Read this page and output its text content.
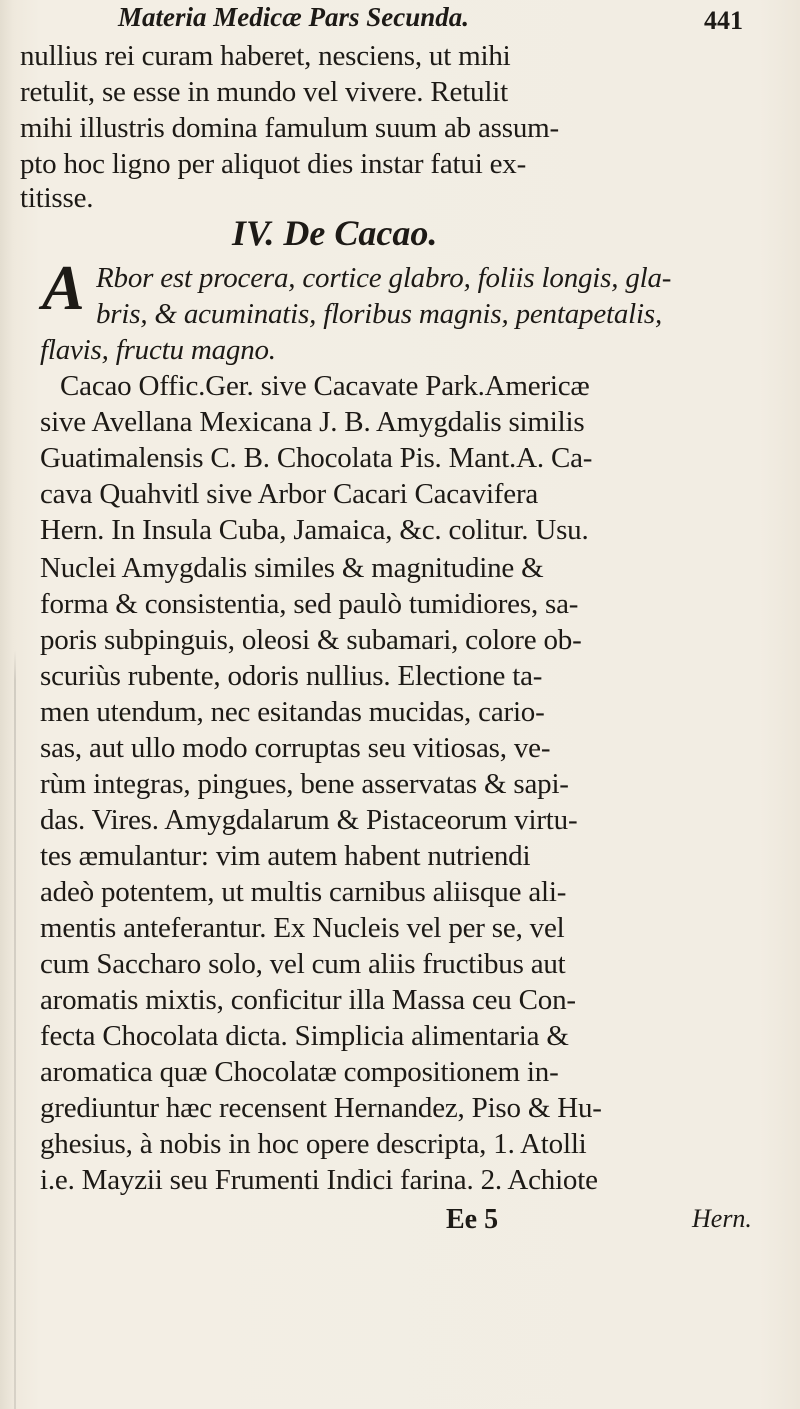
Materia Medicæ Pars Secunda.	441
nullius rei curam haberet, nesciens, ut mihi
retulit, se esse in mundo vel vivere. Retulit
mihi illustris domina famulum suum ab assum-
pto hoc ligno per aliquot dies instar fatui ex-
titisse.
IV. De Cacao.
A Rbor est procera, cortice glabro, foliis longis, gla-
bris, & acuminatis, floribus magnis, pentapetalis,
flavis, fructu magno.
Cacao Offic.Ger. sive Cacavate Park.Americæ
sive Avellana Mexicana J. B. Amygdalis similis
Guatimalensis C. B. Chocolata Pis. Mant.A. Ca-
cava Quahvitl sive Arbor Cacari Cacavifera
Hern. In Insula Cuba, Jamaica, &c. colitur. Usu.
Nuclei Amygdalis similes & magnitudine &
forma & consistentia, sed paulò tumidiores, sa-
poris subpinguis, oleosi & subamari, colore ob-
scuriùs rubente, odoris nullius. Electione ta-
men utendum, nec esitandas mucidas, cario-
sas, aut ullo modo corruptas seu vitiosas, ve-
rùm integras, pingues, bene asservatas & sapi-
das. Vires. Amygdalarum & Pistaceorum virtu-
tes æmulantur: vim autem habent nutriendi
adeò potentem, ut multis carnibus aliisque ali-
mentis anteferantur. Ex Nucleis vel per se, vel
cum Saccharo solo, vel cum aliis fructibus aut
aromatis mixtis, conficitur illa Massa ceu Con-
fecta Chocolata dicta. Simplicia alimentaria &
aromatica quæ Chocolatæ compositionem in-
grediuntur hæc recensent Hernandez, Piso & Hu-
ghesius, à nobis in hoc opere descripta, 1. Atolli
i.e. Mayzii seu Frumenti Indici farina. 2. Achiote
Ee 5	Hern.
